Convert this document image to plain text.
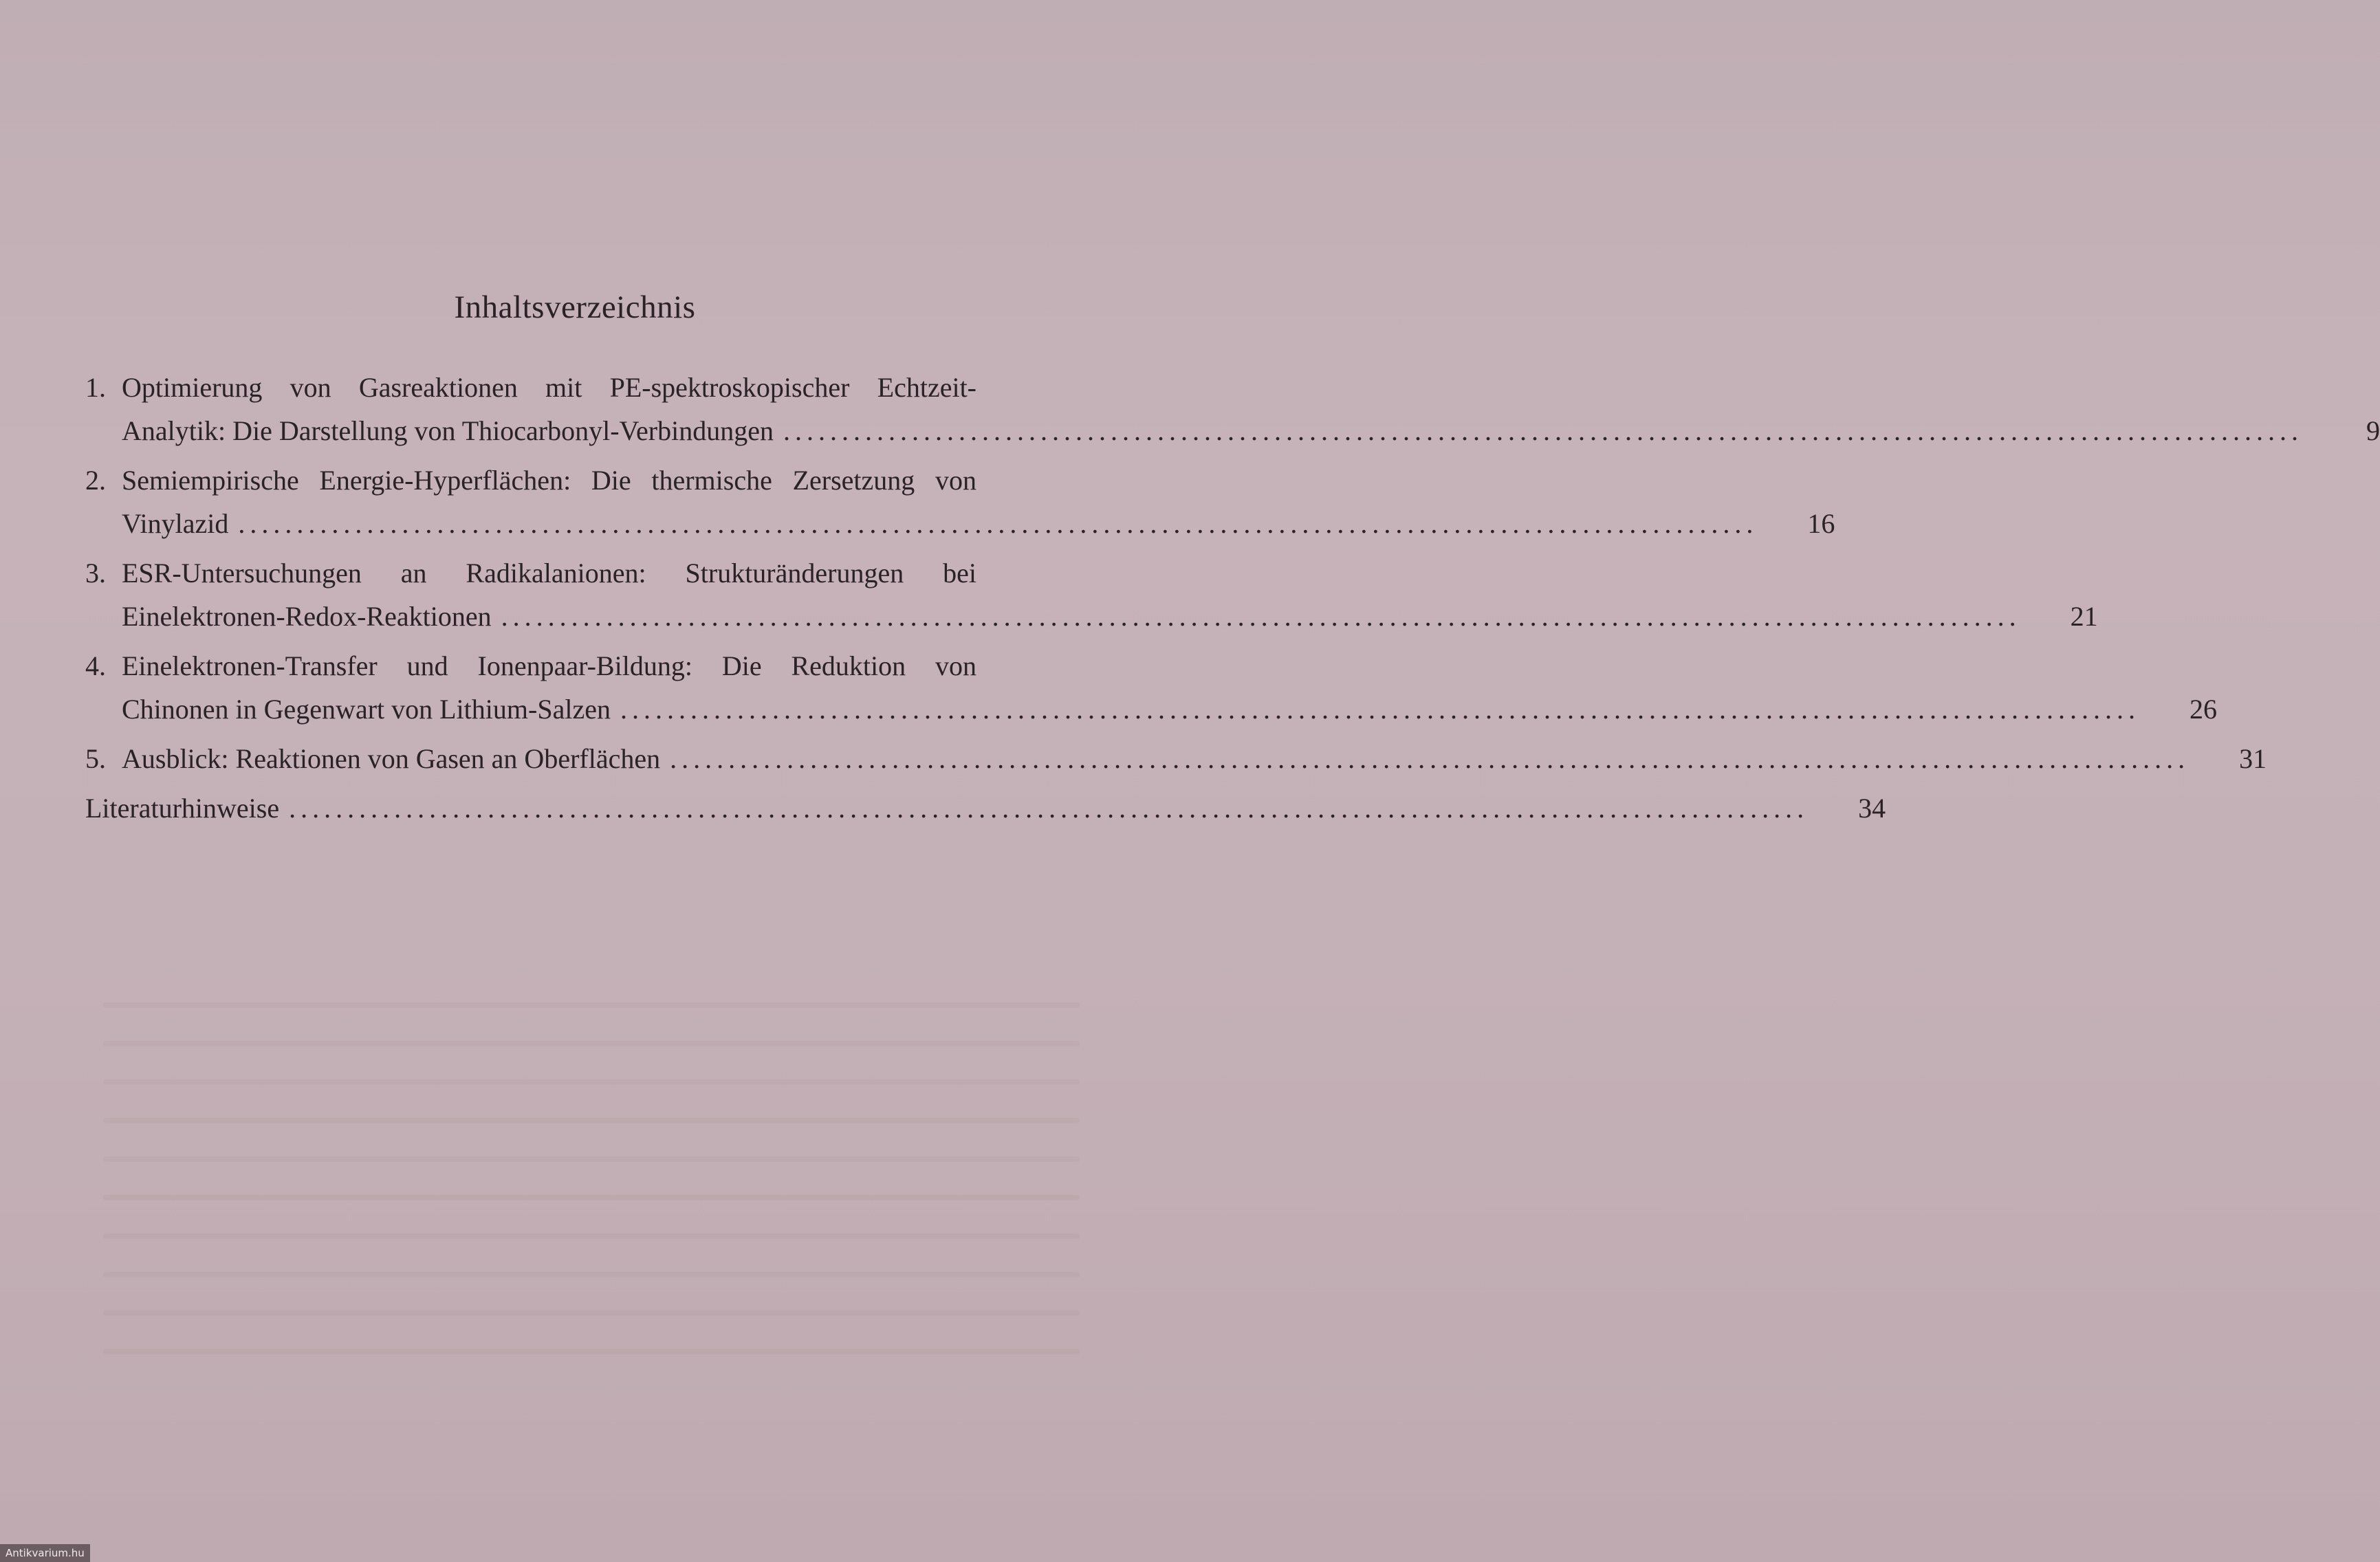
Inhaltsverzeichnis
1. Optimierung von Gasreaktionen mit PE-spektroskopischer Echtzeit-
Analytik: Die Darstellung von Thiocarbonyl-Verbindungen ..................................................................................................................................	9
2. Semiempirische Energie-Hyperflächen: Die thermische Zersetzung von
Vinylazid ..................................................................................................................................	16
3. ESR-Untersuchungen an Radikalanionen: Strukturänderungen bei
Einelektronen-Redox-Reaktionen ..................................................................................................................................	21
4. Einelektronen-Transfer und Ionenpaar-Bildung: Die Reduktion von
Chinonen in Gegenwart von Lithium-Salzen ..................................................................................................................................	26
5. Ausblick: Reaktionen von Gasen an Oberflächen ..................................................................................................................................	31
Literaturhinweise ..................................................................................................................................	34
Antikvarium.hu
